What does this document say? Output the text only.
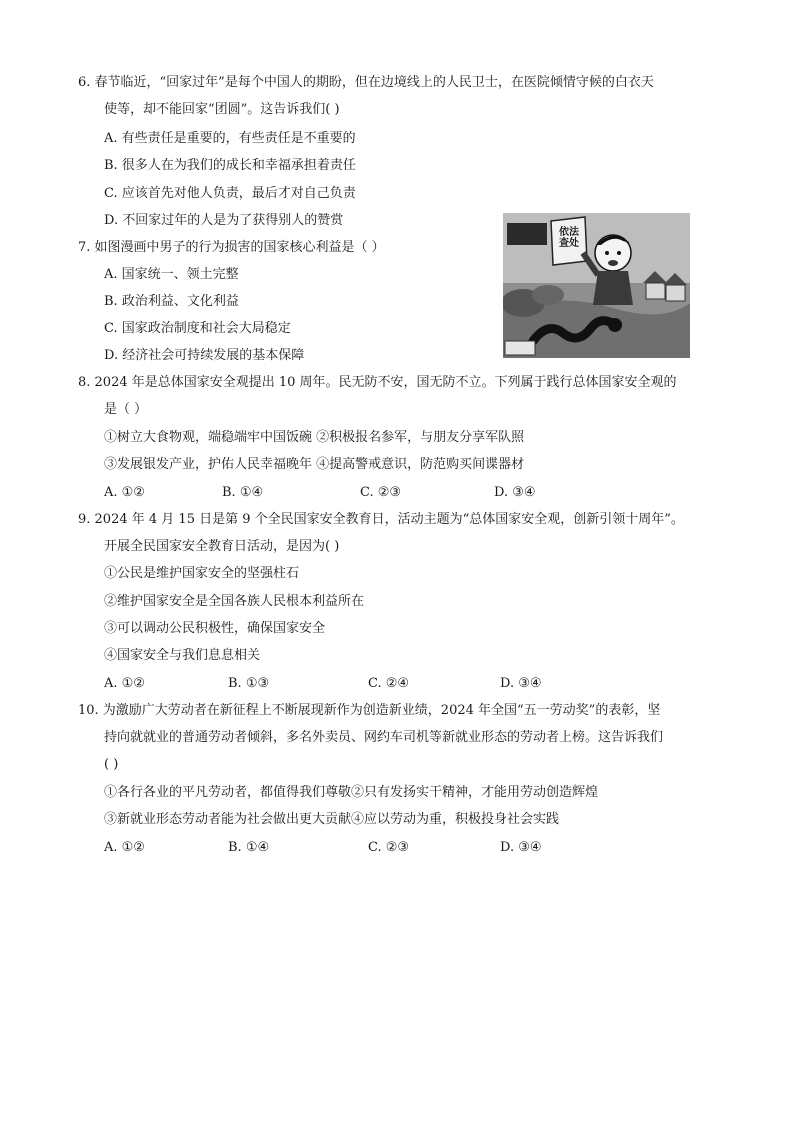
6. 春节临近，“回家过年”是每个中国人的期盼，但在边境线上的人民卫士，在医院倾情守候的白衣天
使等，却不能回家“团圆”。这告诉我们( )
A. 有些责任是重要的，有些责任是不重要的
B. 很多人在为我们的成长和幸福承担着责任
C. 应该首先对他人负责，最后才对自己负责
D. 不回家过年的人是为了获得别人的赞赏
7. 如图漫画中男子的行为损害的国家核心利益是（ ）
A. 国家统一、领土完整
B. 政治利益、文化利益
C. 国家政治制度和社会大局稳定
D. 经济社会可持续发展的基本保障
依法查处
8. 2024 年是总体国家安全观提出 10 周年。民无防不安，国无防不立。下列属于践行总体国家安全观的
是（ ）
①树立大食物观，端稳端牢中国饭碗 ②积极报名参军，与朋友分享军队照
③发展银发产业，护佑人民幸福晚年 ④提高警戒意识，防范购买间谍器材
A. ①②	B. ①④	C. ②③	D. ③④
9. 2024 年 4 月 15 日是第 9 个全民国家安全教育日，活动主题为“总体国家安全观，创新引领十周年”。
开展全民国家安全教育日活动，是因为( )
①公民是维护国家安全的坚强柱石
②维护国家安全是全国各族人民根本利益所在
③可以调动公民积极性，确保国家安全
④国家安全与我们息息相关
A. ①②	B. ①③	C. ②④	D. ③④
10. 为激励广大劳动者在新征程上不断展现新作为创造新业绩，2024 年全国“五一劳动奖”的表彰，坚
持向就就业的普通劳动者倾斜，多名外卖员、网约车司机等新就业形态的劳动者上榜。这告诉我们
( )
①各行各业的平凡劳动者，都值得我们尊敬②只有发扬实干精神，才能用劳动创造辉煌
③新就业形态劳动者能为社会做出更大贡献④应以劳动为重，积极投身社会实践
A. ①②	B. ①④	C. ②③	D. ③④
